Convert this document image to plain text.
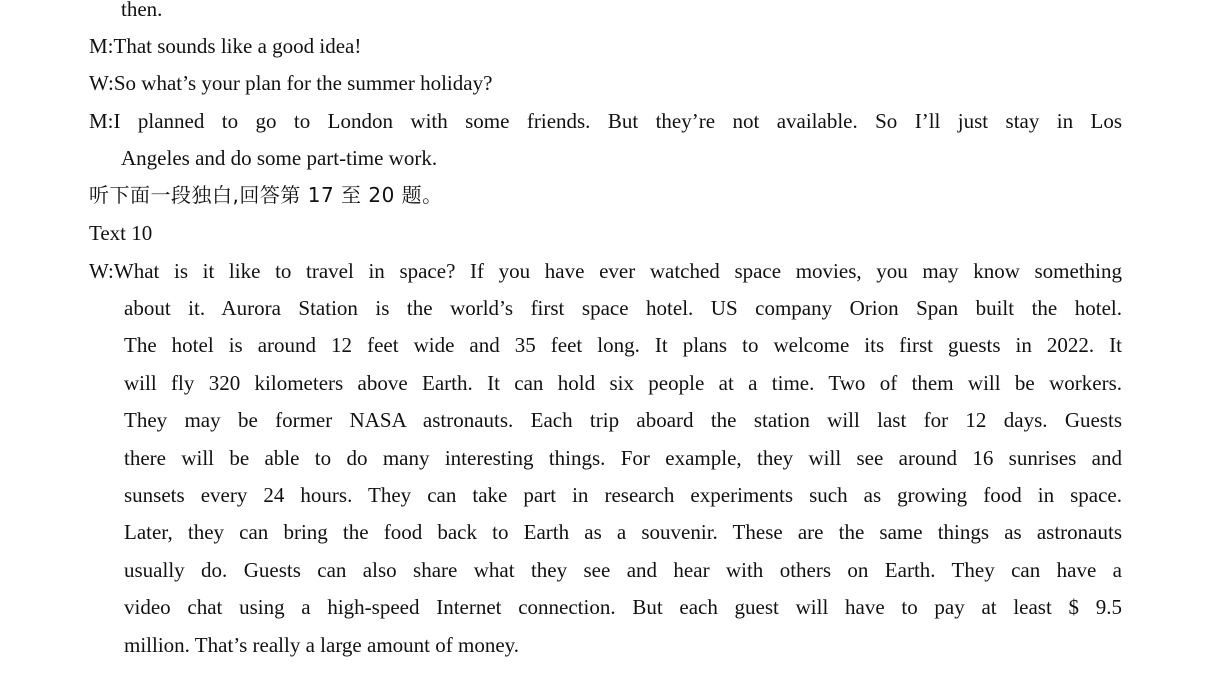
then.
M:That sounds like a good idea!
W:So what’s your plan for the summer holiday?
M:I planned to go to London with some friends. But they’re not available. So I’ll just stay in Los
Angeles and do some part-time work.
听下面一段独白,回答第 17 至 20 题。
Text 10
W:What is it like to travel in space? If you have ever watched space movies, you may know something
about it. Aurora Station is the world’s first space hotel. US company Orion Span built the hotel.
The hotel is around 12 feet wide and 35 feet long. It plans to welcome its first guests in 2022. It
will fly 320 kilometers above Earth. It can hold six people at a time. Two of them will be workers.
They may be former NASA astronauts. Each trip aboard the station will last for 12 days. Guests
there will be able to do many interesting things. For example, they will see around 16 sunrises and
sunsets every 24 hours. They can take part in research experiments such as growing food in space.
Later, they can bring the food back to Earth as a souvenir. These are the same things as astronauts
usually do. Guests can also share what they see and hear with others on Earth. They can have a
video chat using a high-speed Internet connection. But each guest will have to pay at least $ 9.5
million. That’s really a large amount of money.
